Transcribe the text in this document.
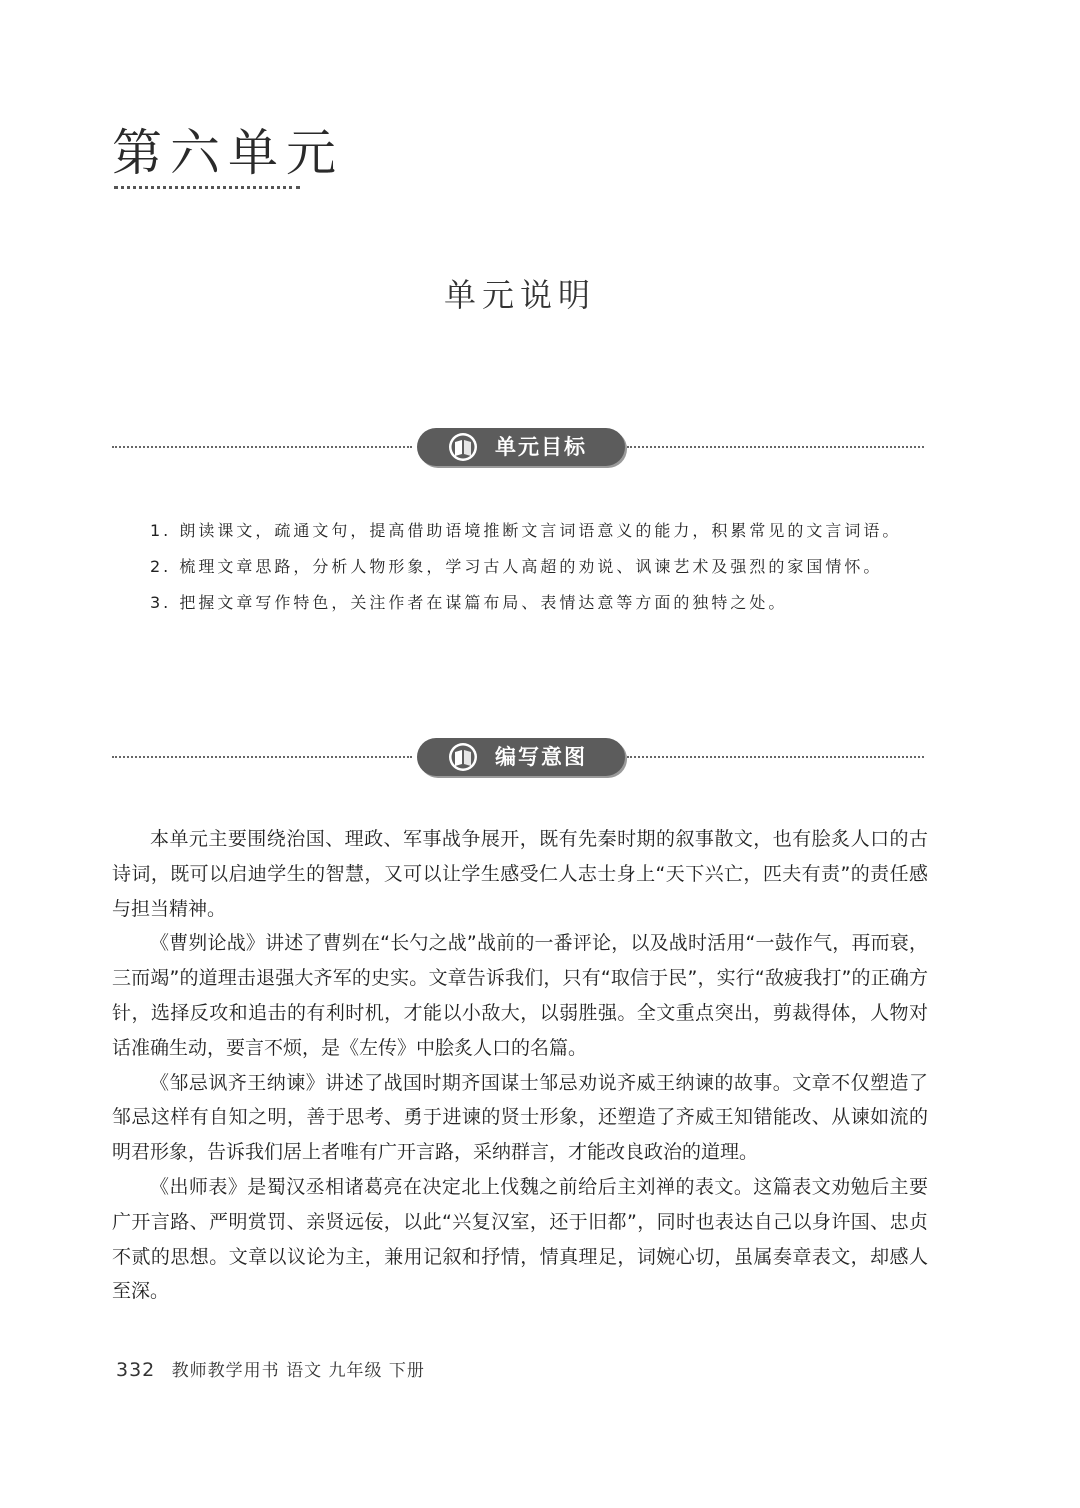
第六单元
单元说明
单元目标

1. 朗读课文，疏通文句，提高借助语境推断文言词语意义的能力，积累常见的文言词语。

2. 梳理文章思路，分析人物形象，学习古人高超的劝说、讽谏艺术及强烈的家国情怀。

3. 把握文章写作特色，关注作者在谋篇布局、表情达意等方面的独特之处。

编写意图

本单元主要围绕治国、理政、军事战争展开，既有先秦时期的叙事散文，也有脍炙人口的古诗词，既可以启迪学生的智慧，又可以让学生感受仁人志士身上“天下兴亡，匹夫有责”的责任感与担当精神。

《曹刿论战》讲述了曹刿在“长勺之战”战前的一番评论，以及战时活用“一鼓作气，再而衰，三而竭”的道理击退强大齐军的史实。文章告诉我们，只有“取信于民”，实行“敌疲我打”的正确方针，选择反攻和追击的有利时机，才能以小敌大，以弱胜强。全文重点突出，剪裁得体，人物对话准确生动，要言不烦，是《左传》中脍炙人口的名篇。

《邹忌讽齐王纳谏》讲述了战国时期齐国谋士邹忌劝说齐威王纳谏的故事。文章不仅塑造了邹忌这样有自知之明，善于思考、勇于进谏的贤士形象，还塑造了齐威王知错能改、从谏如流的明君形象，告诉我们居上者唯有广开言路，采纳群言，才能改良政治的道理。

《出师表》是蜀汉丞相诸葛亮在决定北上伐魏之前给后主刘禅的表文。这篇表文劝勉后主要广开言路、严明赏罚、亲贤远佞，以此“兴复汉室，还于旧都”，同时也表达自己以身许国、忠贞不贰的思想。文章以议论为主，兼用记叙和抒情，情真理足，词婉心切，虽属奏章表文，却感人至深。

332 教师教学用书 语文 九年级 下册
